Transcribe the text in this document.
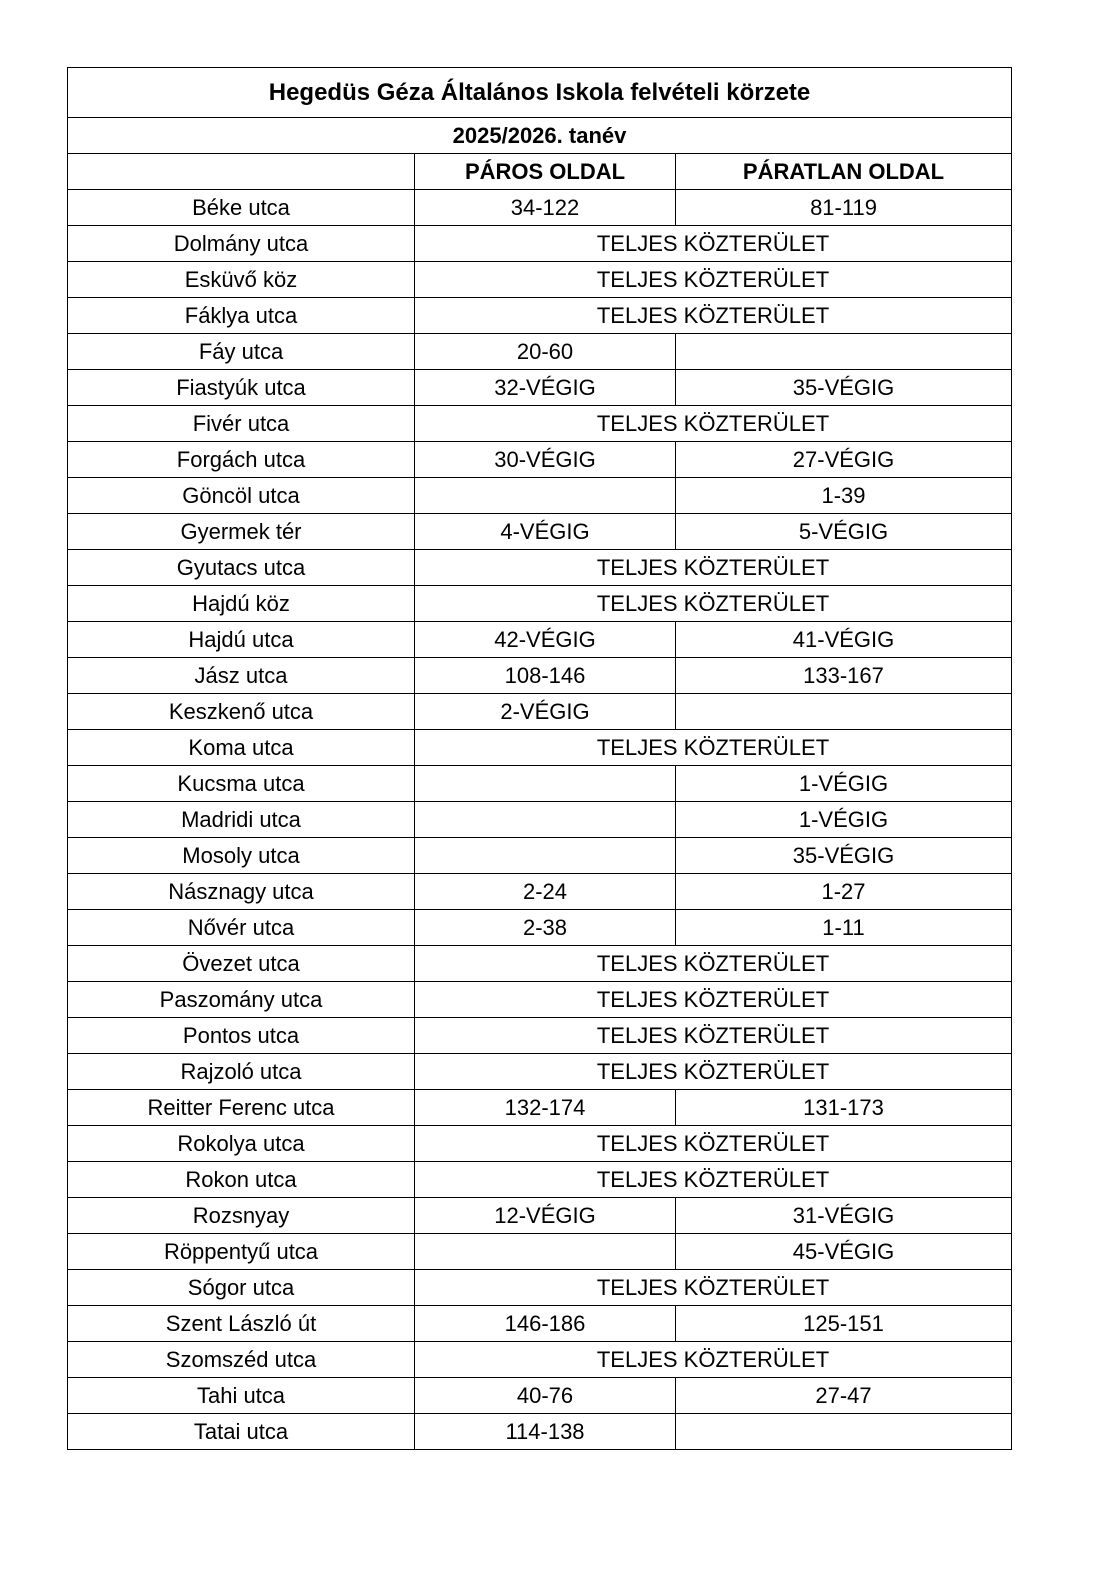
Hegedüs Géza Általános Iskola felvételi körzete		
2025/2026. tanév		
	PÁROS OLDAL	PÁRATLAN OLDAL
Béke utca	34-122	81-119
Dolmány utca	TELJES KÖZTERÜLET	
Esküvő köz	TELJES KÖZTERÜLET	
Fáklya utca	TELJES KÖZTERÜLET	
Fáy utca	20-60	
Fiastyúk utca	32-VÉGIG	35-VÉGIG
Fivér utca	TELJES KÖZTERÜLET	
Forgách utca	30-VÉGIG	27-VÉGIG
Göncöl utca		1-39
Gyermek tér	4-VÉGIG	5-VÉGIG
Gyutacs utca	TELJES KÖZTERÜLET	
Hajdú köz	TELJES KÖZTERÜLET	
Hajdú utca	42-VÉGIG	41-VÉGIG
Jász utca	108-146	133-167
Keszkenő utca	2-VÉGIG	
Koma utca	TELJES KÖZTERÜLET	
Kucsma utca		1-VÉGIG
Madridi utca		1-VÉGIG
Mosoly utca		35-VÉGIG
Násznagy utca	2-24	1-27
Nővér utca	2-38	1-11
Övezet utca	TELJES KÖZTERÜLET	
Paszomány utca	TELJES KÖZTERÜLET	
Pontos utca	TELJES KÖZTERÜLET	
Rajzoló utca	TELJES KÖZTERÜLET	
Reitter Ferenc utca	132-174	131-173
Rokolya utca	TELJES KÖZTERÜLET	
Rokon utca	TELJES KÖZTERÜLET	
Rozsnyay	12-VÉGIG	31-VÉGIG
Röppentyű utca		45-VÉGIG
Sógor utca	TELJES KÖZTERÜLET	
Szent László út	146-186	125-151
Szomszéd utca	TELJES KÖZTERÜLET	
Tahi utca	40-76	27-47
Tatai utca	114-138	
